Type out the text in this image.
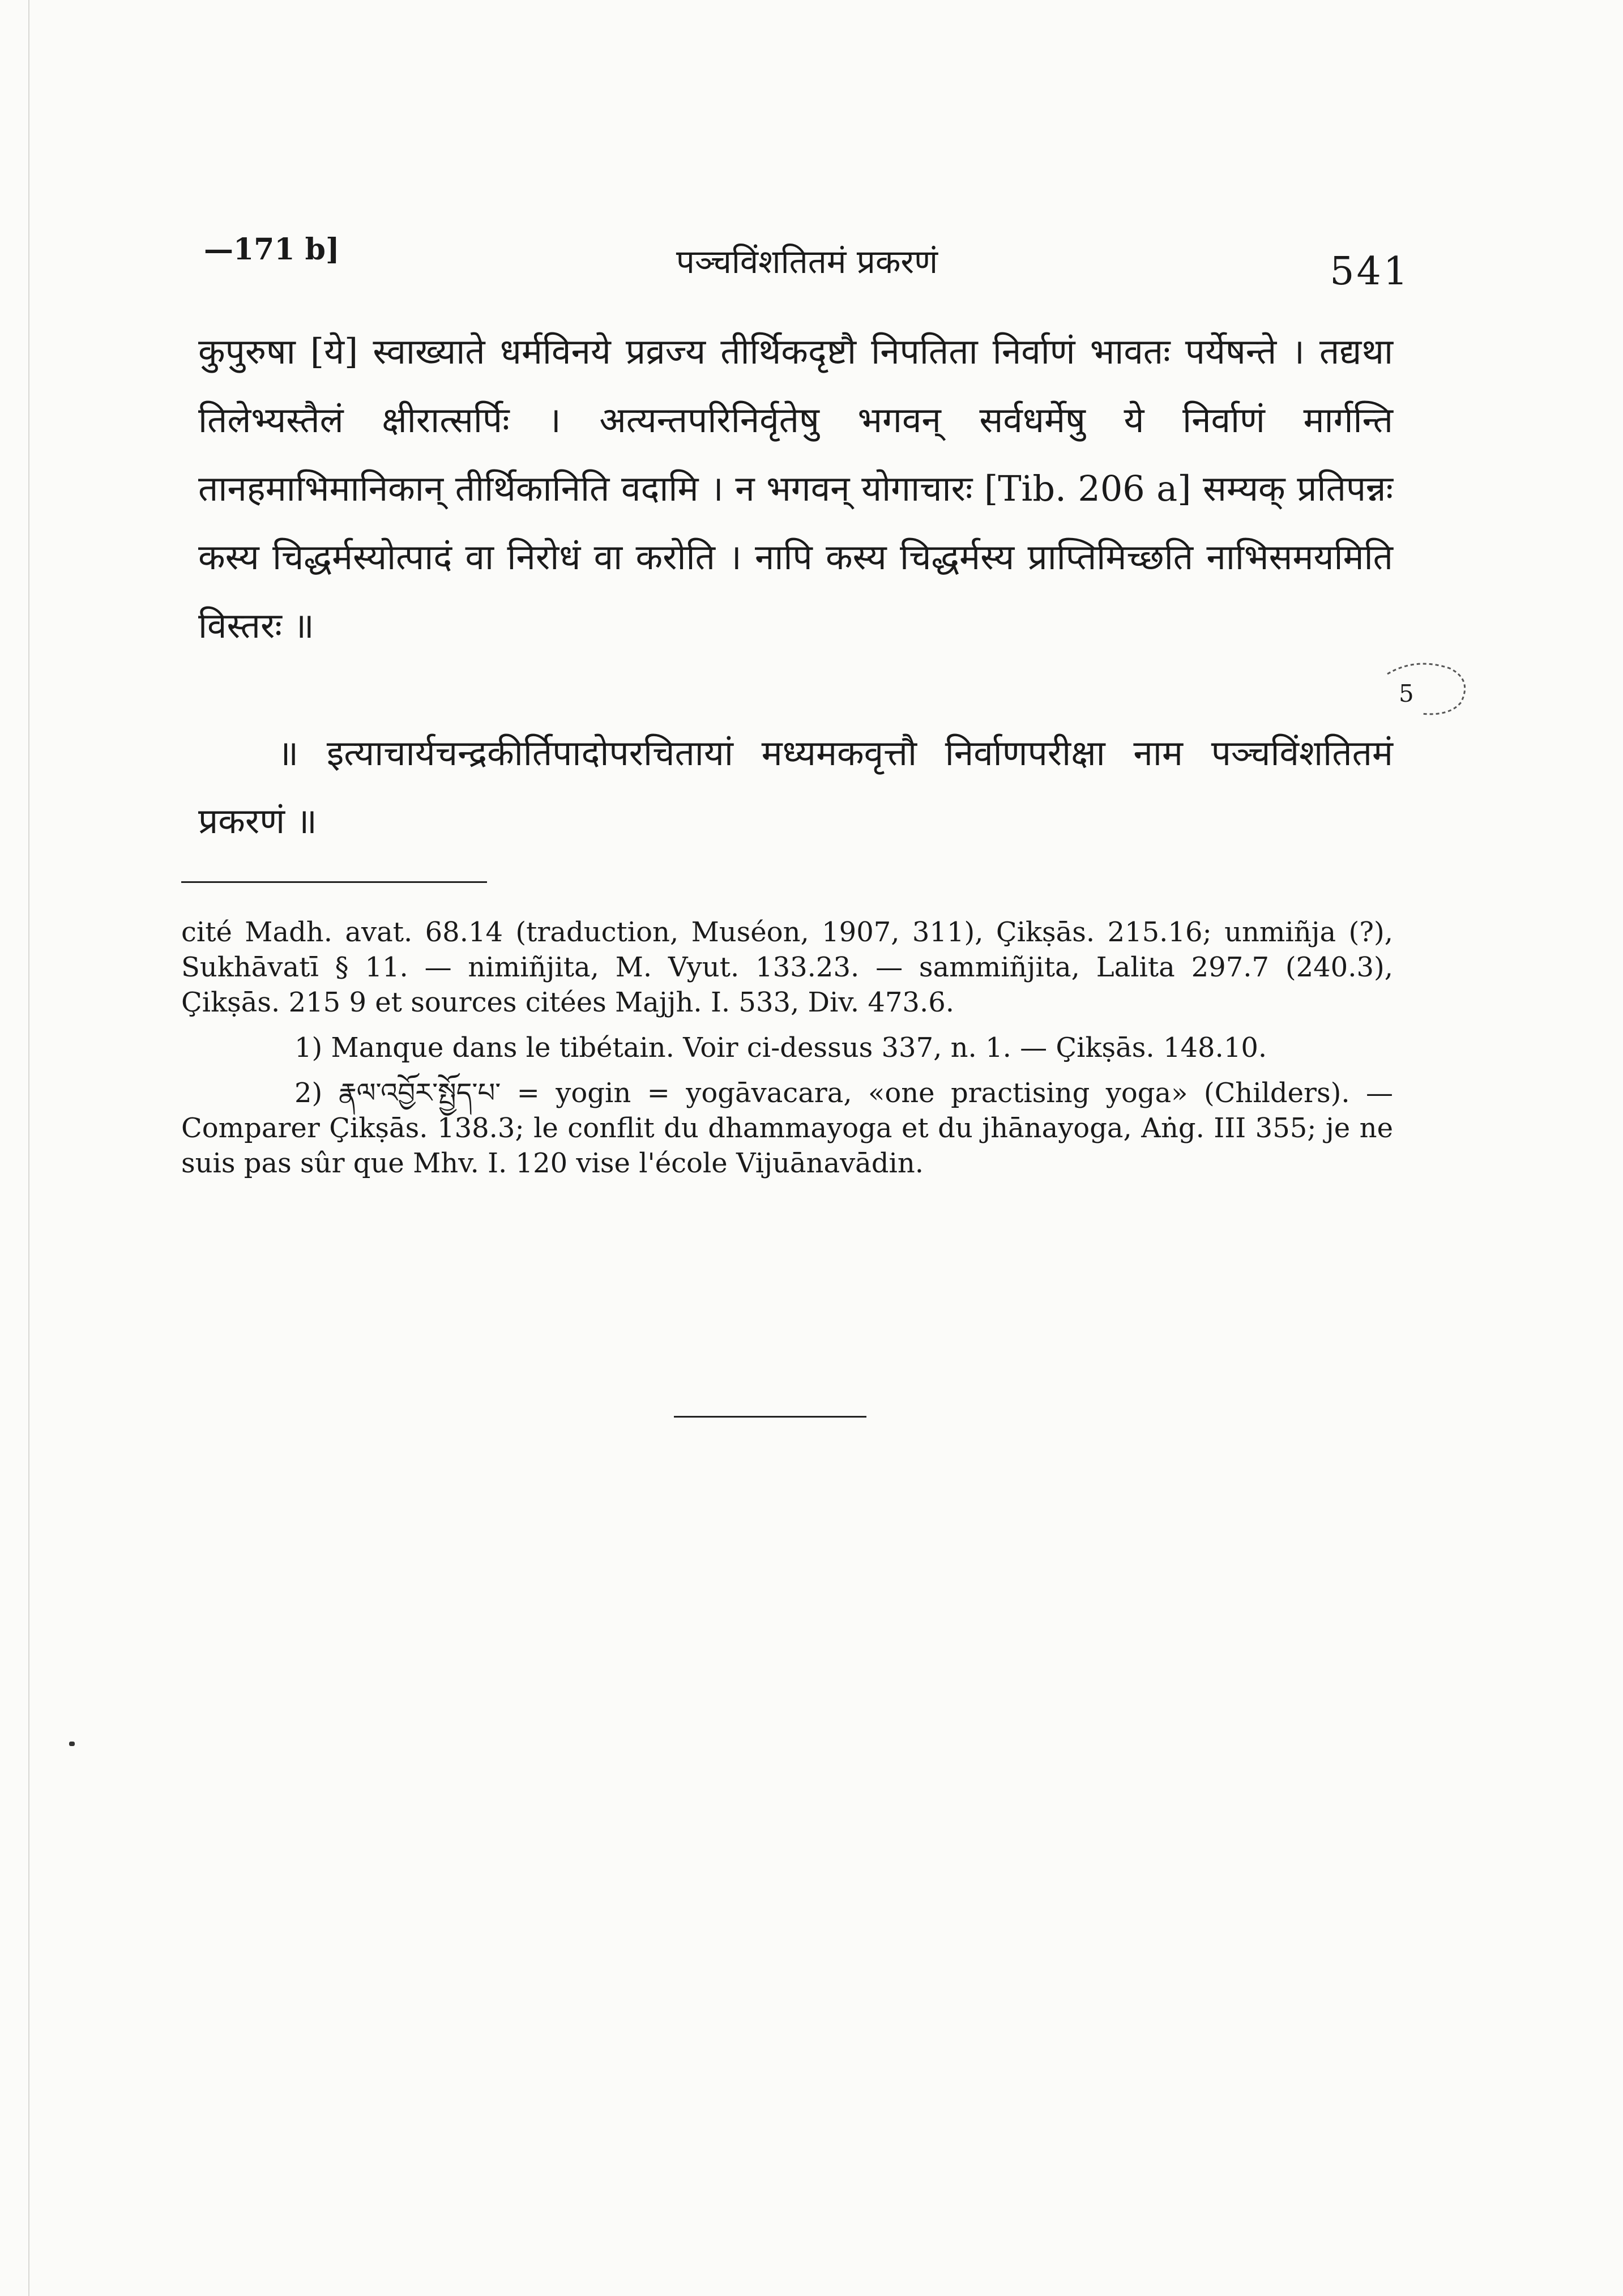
—171 b]	पञ्चविंशतितमं प्रकरणं	541

कुपुरुषा [ये] स्वाख्याते धर्मविनये प्रव्रज्य तीर्थिकदृष्टौ निपतिता निर्वाणं भावतः पर्येषन्ते । तद्यथा तिलेभ्यस्तैलं क्षीरात्सर्पिः । अत्यन्तपरिनिर्वृतेषु भगवन् सर्वधर्मेषु ये निर्वाणं मार्गन्ति तानहमाभिमानिकान् तीर्थिकानिति वदामि । न भगवन् योगाचारः [Tib. 206 a] सम्यक् प्रतिपन्नः कस्य चिद्धर्मस्योत्पादं वा निरोधं वा करोति । नापि कस्य चिद्धर्मस्य प्राप्तिमिच्छति नाभिसमयमिति विस्तरः ॥

॥ इत्याचार्यचन्द्रकीर्तिपादोपरचितायां मध्यमकवृत्तौ निर्वाणपरीक्षा नाम पञ्चविंशतितमं प्रकरणं ॥

5

cité Madh. avat. 68.14 (traduction, Muséon, 1907, 311), Çikṣās. 215.16; unmiñja (?), Sukhāvatī § 11. — nimiñjita, M. Vyut. 133.23. — sammiñjita, Lalita 297.7 (240.3), Çikṣās. 215 9 et sources citées Majjh. I. 533, Div. 473.6.

1) Manque dans le tibétain. Voir ci-dessus 337, n. 1. — Çikṣās. 148.10.

2) རྣལ་འབྱོར་སྤྱོད་པ་ = yogin = yogāvacara, «one practising yoga» (Childers). — Comparer Çikṣās. 138.3; le conflit du dhammayoga et du jhānayoga, Aṅg. III 355; je ne suis pas sûr que Mhv. I. 120 vise l'école Vijuānavādin.
